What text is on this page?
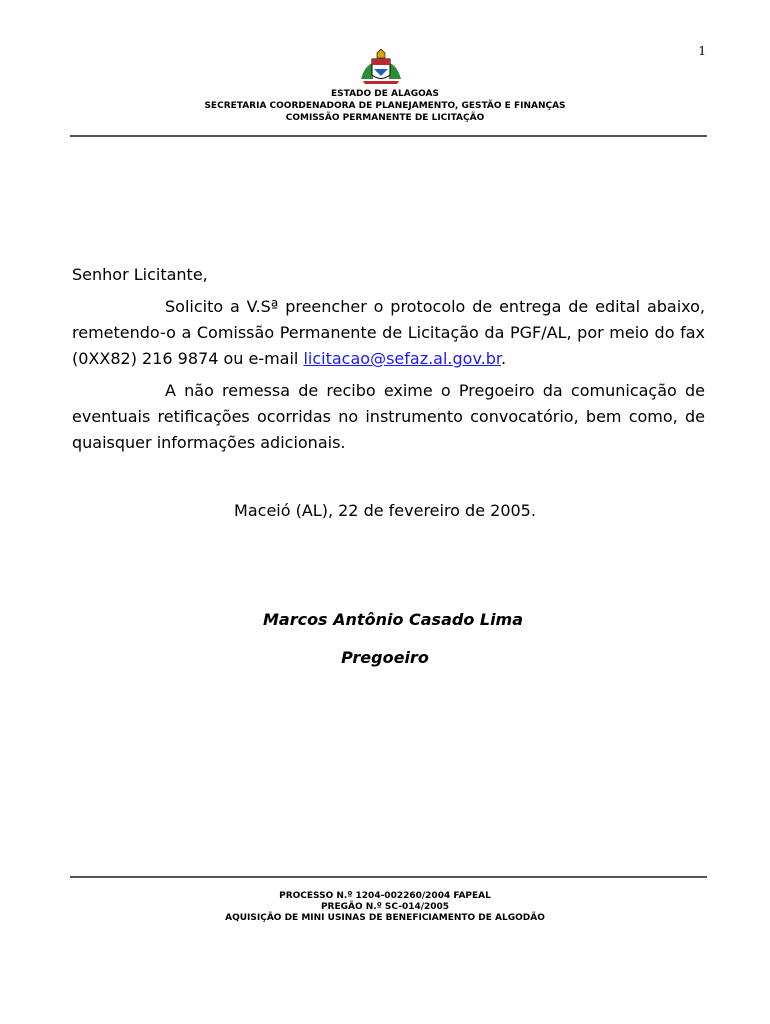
1
ESTADO DE ALAGOAS
SECRETARIA COORDENADORA DE PLANEJAMENTO, GESTÃO E FINANÇAS
COMISSÃO PERMANENTE DE LICITAÇÃO

Senhor Licitante,

Solicito a V.Sª preencher o protocolo de entrega de edital abaixo, remetendo-o a Comissão Permanente de Licitação da PGF/AL, por meio do fax (0XX82) 216 9874 ou e-mail licitacao@sefaz.al.gov.br.

A não remessa de recibo exime o Pregoeiro da comunicação de eventuais retificações ocorridas no instrumento convocatório, bem como, de quaisquer informações adicionais.

Maceió (AL), 22 de fevereiro de 2005.
Marcos Antônio Casado Lima
Pregoeiro
PROCESSO N.º 1204-002260/2004 FAPEAL
PREGÃO N.º SC-014/2005
AQUISIÇÃO DE MINI USINAS DE BENEFICIAMENTO DE ALGODÃO
